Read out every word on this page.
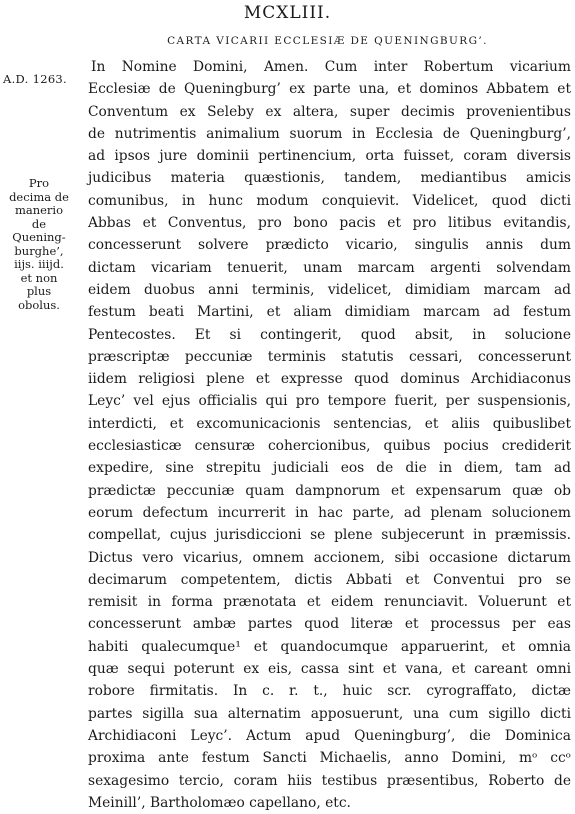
MCXLIII.
CARTA VICARII ECCLESIÆ DE QUENINGBURG’.
A.D. 1263.
Pro
decima de
manerio
de
Quening-
burghe’,
iijs. iiijd.
et non
plus
obolus.
In Nomine Domini, Amen. Cum inter Robertum vicarium
Ecclesiæ de Queningburg’ ex parte una, et dominos Abbatem et
Conventum ex Seleby ex altera, super decimis provenientibus
de nutrimentis animalium suorum in Ecclesia de Queningburg’,
ad ipsos jure dominii pertinencium, orta fuisset, coram diversis
judicibus materia quæstionis, tandem, mediantibus amicis
comunibus, in hunc modum conquievit. Videlicet, quod dicti
Abbas et Conventus, pro bono pacis et pro litibus evitandis,
concesserunt solvere prædicto vicario, singulis annis dum
dictam vicariam tenuerit, unam marcam argenti solvendam
eidem duobus anni terminis, videlicet, dimidiam marcam ad
festum beati Martini, et aliam dimidiam marcam ad festum
Pentecostes. Et si contingerit, quod absit, in solucione
præscriptæ peccuniæ terminis statutis cessari, concesserunt
iidem religiosi plene et expresse quod dominus Archidiaconus
Leyc’ vel ejus officialis qui pro tempore fuerit, per suspensionis,
interdicti, et excomunicacionis sentencias, et aliis quibuslibet
ecclesiasticæ censuræ cohercionibus, quibus pocius crediderit
expedire, sine strepitu judiciali eos de die in diem, tam ad
prædictæ peccuniæ quam dampnorum et expensarum quæ ob
eorum defectum incurrerit in hac parte, ad plenam solucionem
compellat, cujus jurisdiccioni se plene subjecerunt in præmissis.
Dictus vero vicarius, omnem accionem, sibi occasione dictarum
decimarum competentem, dictis Abbati et Conventui pro se
remisit in forma prænotata et eidem renunciavit. Voluerunt et
concesserunt ambæ partes quod literæ et processus per eas
habiti qualecumque¹ et quandocumque apparuerint, et omnia
quæ sequi poterunt ex eis, cassa sint et vana, et careant omni
robore firmitatis. In c. r. t., huic scr. cyrograffato, dictæ
partes sigilla sua alternatim apposuerunt, una cum sigillo dicti
Archidiaconi Leyc’. Actum apud Queningburg’, die Dominica
proxima ante festum Sancti Michaelis, anno Domini, mᵒ ccᵒ
sexagesimo tercio, coram hiis testibus præsentibus, Roberto de
Meinill’, Bartholomæo capellano, etc.
